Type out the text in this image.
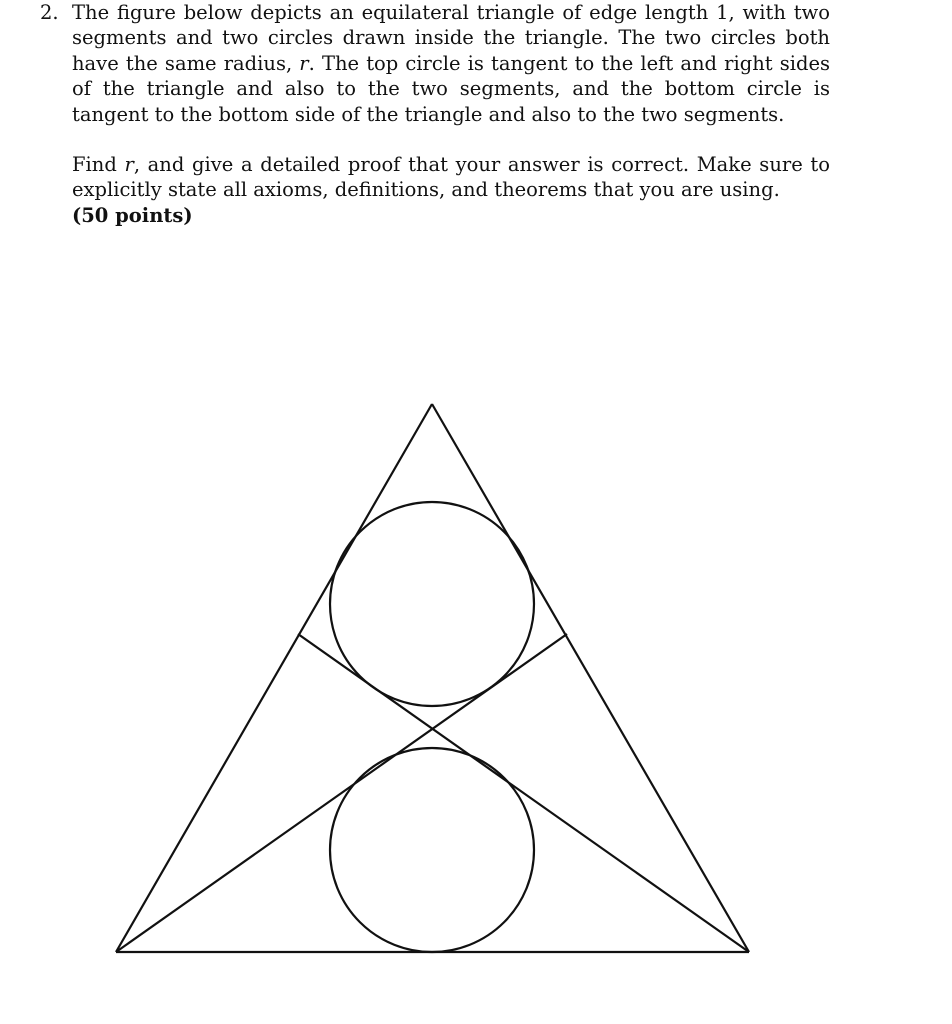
2. The figure below depicts an equilateral triangle of edge length 1, with two segments and two circles drawn inside the triangle. The two circles both have the same radius, r. The top circle is tangent to the left and right sides of the triangle and also to the two segments, and the bottom circle is tangent to the bottom side of the triangle and also to the two segments.

Find r, and give a detailed proof that your answer is correct. Make sure to explicitly state all axioms, definitions, and theorems that you are using.
(50 points)
